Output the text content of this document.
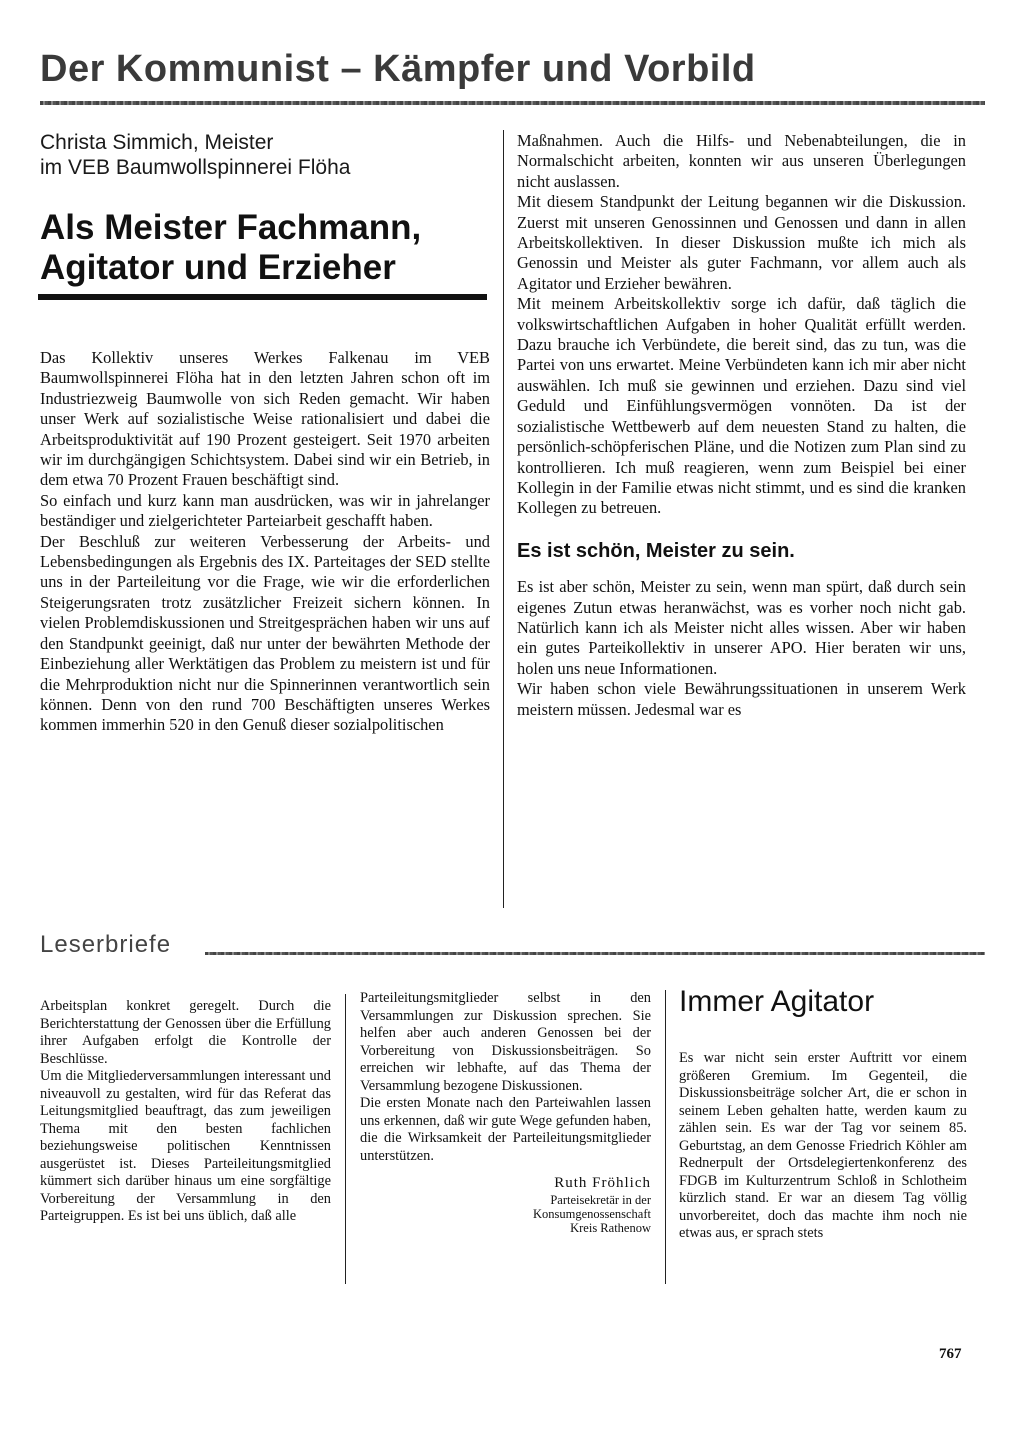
Der Kommunist – Kämpfer und Vorbild
Christa Simmich, Meister
im VEB Baumwollspinnerei Flöha
Als Meister Fachmann,
Agitator und Erzieher

Das Kollektiv unseres Werkes Falkenau im VEB Baumwollspinnerei Flöha hat in den letzten Jahren schon oft im Industriezweig Baumwolle von sich Reden gemacht. Wir haben unser Werk auf sozialistische Weise rationalisiert und dabei die Arbeitsproduktivität auf 190 Prozent gesteigert. Seit 1970 arbeiten wir im durchgängigen Schichtsystem. Dabei sind wir ein Betrieb, in dem etwa 70 Prozent Frauen beschäftigt sind.

So einfach und kurz kann man ausdrücken, was wir in jahrelanger beständiger und zielgerichteter Parteiarbeit geschafft haben.

Der Beschluß zur weiteren Verbesserung der Arbeits- und Lebensbedingungen als Ergebnis des IX. Parteitages der SED stellte uns in der Parteileitung vor die Frage, wie wir die erforderlichen Steigerungsraten trotz zusätzlicher Freizeit sichern können. In vielen Problemdiskussionen und Streitgesprächen haben wir uns auf den Standpunkt geeinigt, daß nur unter der bewährten Methode der Einbeziehung aller Werktätigen das Problem zu meistern ist und für die Mehrproduktion nicht nur die Spinnerinnen verantwortlich sein können. Denn von den rund 700 Beschäftigten unseres Werkes kommen immerhin 520 in den Genuß dieser sozialpolitischen

Maßnahmen. Auch die Hilfs- und Nebenabteilungen, die in Normalschicht arbeiten, konnten wir aus unseren Überlegungen nicht auslassen.

Mit diesem Standpunkt der Leitung begannen wir die Diskussion. Zuerst mit unseren Genossinnen und Genossen und dann in allen Arbeitskollektiven. In dieser Diskussion mußte ich mich als Genossin und Meister als guter Fachmann, vor allem auch als Agitator und Erzieher bewähren.

Mit meinem Arbeitskollektiv sorge ich dafür, daß täglich die volkswirtschaftlichen Aufgaben in hoher Qualität erfüllt werden. Dazu brauche ich Verbündete, die bereit sind, das zu tun, was die Partei von uns erwartet. Meine Verbündeten kann ich mir aber nicht auswählen. Ich muß sie gewinnen und erziehen. Dazu sind viel Geduld und Einfühlungsvermögen vonnöten. Da ist der sozialistische Wettbewerb auf dem neuesten Stand zu halten, die persönlich-schöpferischen Pläne, und die Notizen zum Plan sind zu kontrollieren. Ich muß reagieren, wenn zum Beispiel bei einer Kollegin in der Familie etwas nicht stimmt, und es sind die kranken Kollegen zu betreuen.

Es ist schön, Meister zu sein.

Es ist aber schön, Meister zu sein, wenn man spürt, daß durch sein eigenes Zutun etwas heranwächst, was es vorher noch nicht gab. Natürlich kann ich als Meister nicht alles wissen. Aber wir haben ein gutes Parteikollektiv in unserer APO. Hier beraten wir uns, holen uns neue Informationen.

Wir haben schon viele Bewährungssituationen in unserem Werk meistern müssen. Jedesmal war es

Leserbriefe

Arbeitsplan konkret geregelt. Durch die Berichterstattung der Genossen über die Erfüllung ihrer Aufgaben erfolgt die Kontrolle der Beschlüsse.

Um die Mitgliederversammlungen interessant und niveauvoll zu gestalten, wird für das Referat das Leitungsmitglied beauftragt, das zum jeweiligen Thema mit den besten fachlichen beziehungsweise politischen Kenntnissen ausgerüstet ist. Dieses Parteileitungsmitglied kümmert sich darüber hinaus um eine sorgfältige Vorbereitung der Versammlung in den Parteigruppen. Es ist bei uns üblich, daß alle

Parteileitungsmitglieder selbst in den Versammlungen zur Diskussion sprechen. Sie helfen aber auch anderen Genossen bei der Vorbereitung von Diskussionsbeiträgen. So erreichen wir lebhafte, auf das Thema der Versammlung bezogene Diskussionen.

Die ersten Monate nach den Parteiwahlen lassen uns erkennen, daß wir gute Wege gefunden haben, die die Wirksamkeit der Parteileitungsmitglieder unterstützen.

Ruth Fröhlich
Parteisekretär in der
Konsumgenossenschaft
Kreis Rathenow
Immer Agitator

Es war nicht sein erster Auftritt vor einem größeren Gremium. Im Gegenteil, die Diskussionsbeiträge solcher Art, die er schon in seinem Leben gehalten hatte, werden kaum zu zählen sein. Es war der Tag vor seinem 85. Geburtstag, an dem Genosse Friedrich Köhler am Rednerpult der Ortsdelegiertenkonferenz des FDGB im Kulturzentrum Schloß in Schlotheim kürzlich stand. Er war an diesem Tag völlig unvorbereitet, doch das machte ihm noch nie etwas aus, er sprach stets

767
